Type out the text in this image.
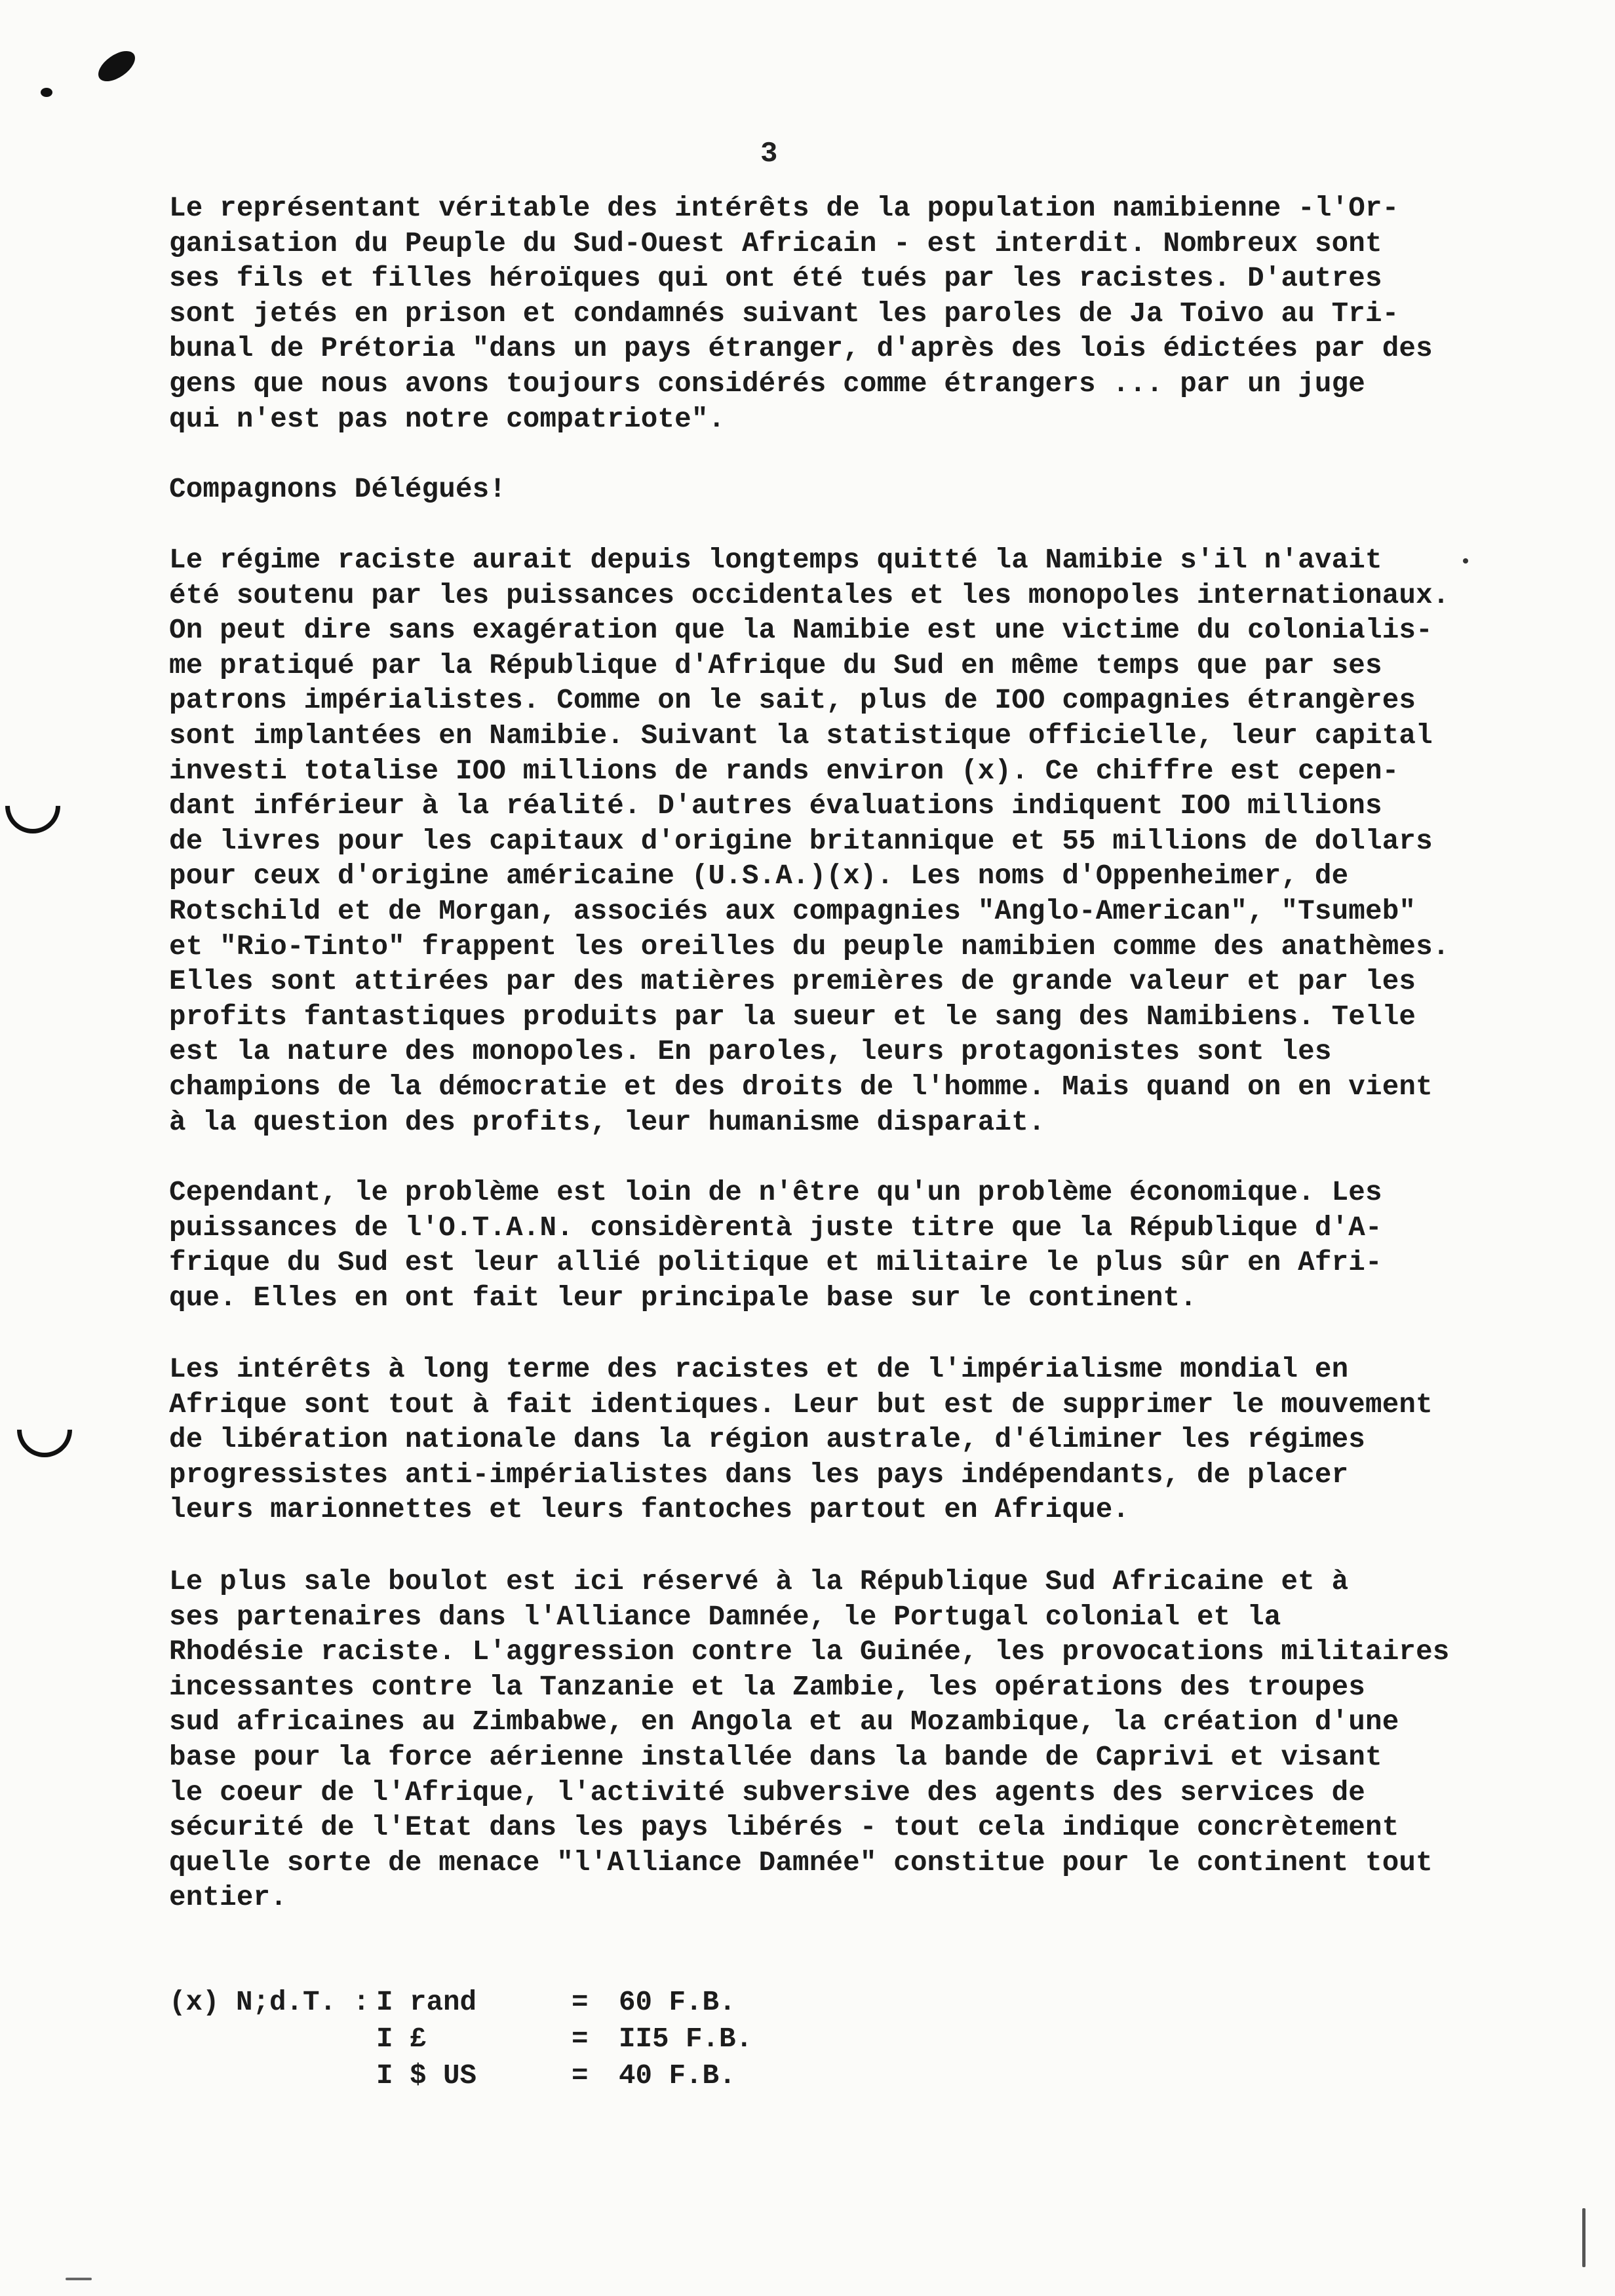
3
Le représentant véritable des intérêts de la population namibienne -l'Or-
ganisation du Peuple du Sud-Ouest Africain - est interdit. Nombreux sont
ses fils et filles héroïques qui ont été tués par les racistes. D'autres
sont jetés en prison et condamnés suivant les paroles de Ja Toivo au Tri-
bunal de Prétoria "dans un pays étranger, d'après des lois édictées par des
gens que nous avons toujours considérés comme étrangers ... par un juge
qui n'est pas notre compatriote".
Compagnons Délégués!
Le régime raciste aurait depuis longtemps quitté la Namibie s'il n'avait
été soutenu par les puissances occidentales et les monopoles internationaux.
On peut dire sans exagération que la Namibie est une victime du colonialis-
me pratiqué par la République d'Afrique du Sud en même temps que par ses
patrons impérialistes. Comme on le sait, plus de IOO compagnies étrangères
sont implantées en Namibie. Suivant la statistique officielle, leur capital
investi totalise IOO millions de rands environ (x). Ce chiffre est cepen-
dant inférieur à la réalité. D'autres évaluations indiquent IOO millions
de livres pour les capitaux d'origine britannique et 55 millions de dollars
pour ceux d'origine américaine (U.S.A.)(x). Les noms d'Oppenheimer, de
Rotschild et de Morgan, associés aux compagnies "Anglo-American", "Tsumeb"
et "Rio-Tinto" frappent les oreilles du peuple namibien comme des anathèmes.
Elles sont attirées par des matières premières de grande valeur et par les
profits fantastiques produits par la sueur et le sang des Namibiens. Telle
est la nature des monopoles. En paroles, leurs protagonistes sont les
champions de la démocratie et des droits de l'homme. Mais quand on en vient
à la question des profits, leur humanisme disparait.
Cependant, le problème est loin de n'être qu'un problème économique. Les
puissances de l'O.T.A.N. considèrentà juste titre que la République d'A-
frique du Sud est leur allié politique et militaire le plus sûr en Afri-
que. Elles en ont fait leur principale base sur le continent.
Les intérêts à long terme des racistes et de l'impérialisme mondial en
Afrique sont tout à fait identiques. Leur but est de supprimer le mouvement
de libération nationale dans la région australe, d'éliminer les régimes
progressistes anti-impérialistes dans les pays indépendants, de placer
leurs marionnettes et leurs fantoches partout en Afrique.
Le plus sale boulot est ici réservé à la République Sud Africaine et à
ses partenaires dans l'Alliance Damnée, le Portugal colonial et la
Rhodésie raciste. L'aggression contre la Guinée, les provocations militaires
incessantes contre la Tanzanie et la Zambie, les opérations des troupes
sud africaines au Zimbabwe, en Angola et au Mozambique, la création d'une
base pour la force aérienne installée dans la bande de Caprivi et visant
le coeur de l'Afrique, l'activité subversive des agents des services de
sécurité de l'Etat dans les pays libérés - tout cela indique concrètement
quelle sorte de menace "l'Alliance Damnée" constitue pour le continent tout
entier.
(x) N;d.T. : I rand	= 60 F.B.
I £	= II5 F.B.
I $ US	= 40 F.B.
